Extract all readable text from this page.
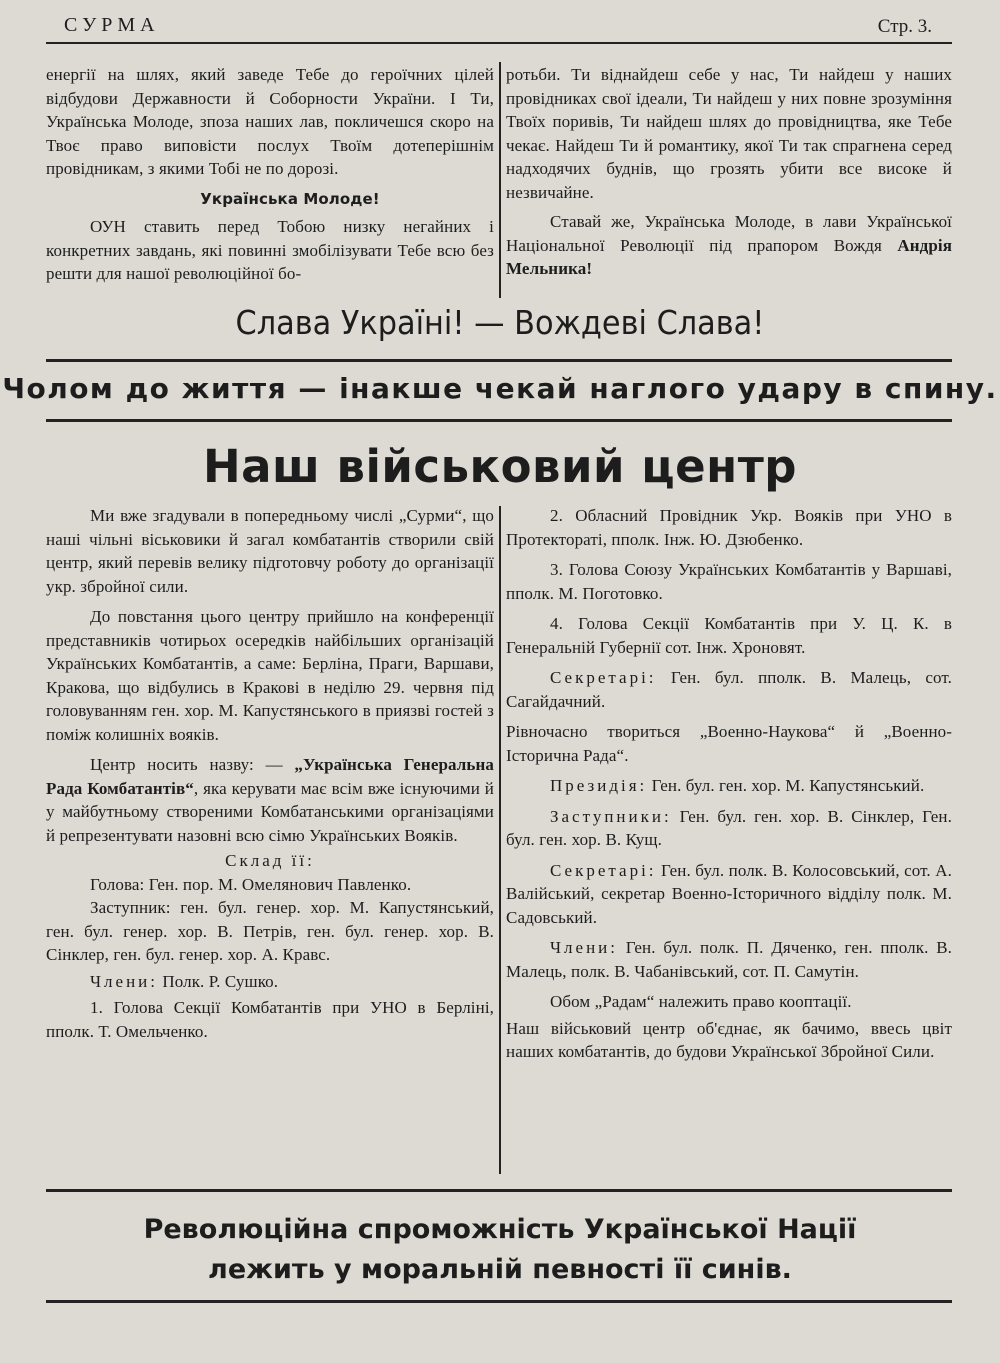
СУРМА	Стр. 3.

енергії на шлях, який заведе Тебе до героїчних цілей відбудови Державности й Соборности України. І Ти, Українська Молоде, зпоза наших лав, покличешся скоро на Твоє право виповісти послух Твоїм дотеперішнім провідникам, з якими Тобі не по дорозі.

Українська Молоде!

ОУН ставить перед Тобою низку негайних і конкретних завдань, які повинні змобілізувати Тебе всю без решти для нашої революційної бо-

ротьби. Ти віднайдеш себе у нас, Ти найдеш у наших провідниках свої ідеали, Ти найдеш у них повне зрозуміння Твоїх поривів, Ти найдеш шлях до провідництва, яке Тебе чекає. Найдеш Ти й романтику, якої Ти так спрагнена серед надходячих буднів, що грозять убити все високе й незвичайне.

Ставай же, Українська Молоде, в лави Української Національної Революції під прапором Вождя Андрія Мельника!

Слава Україні! — Вождеві Слава!
Чолом до життя — інакше чекай наглого удару в спину.
Наш військовий центр

Ми вже згадували в попередньому числі „Сурми“, що наші чільні віськовики й загал комбатантів створили свій центр, який перевів велику підготовчу роботу до організації укр. збройної сили.

До повстання цього центру прийшло на конференції представників чотирьох осередків найбільших організацій Українських Комбатантів, а саме: Берліна, Праги, Варшави, Кракова, що відбулись в Кракові в неділю 29. червня під головуванням ген. хор. М. Капустянського в приязві гостей з поміж колишніх вояків.

Центр носить назву: — „Українська Генеральна Рада Комбатантів“, яка керувати має всім вже існуючими й у майбутньому створеними Комбатанськими організаціями й репрезентувати назовні всю сімю Українських Вояків.

Склад її:

Голова: Ген. пор. М. Омелянович Павленко.

Заступник: ген. бул. генер. хор. М. Капустянський, ген. бул. генер. хор. В. Петрів, ген. бул. генер. хор. В. Сінклер, ген. бул. генер. хор. А. Кравс.

Члени: Полк. Р. Сушко.

1. Голова Секції Комбатантів при УНО в Берліні, пполк. Т. Омельченко.

2. Обласний Провідник Укр. Вояків при УНО в Протектораті, пполк. Інж. Ю. Дзюбенко.

3. Голова Союзу Українських Комбатантів у Варшаві, пполк. М. Поготовко.

4. Голова Секції Комбатантів при У. Ц. К. в Генеральній Губернії сот. Інж. Хроновят.

Секретарі: Ген. бул. пполк. В. Малець, сот. Сагайдачний.

Рівночасно твориться „Военно-Наукова“ й „Военно-Історична Рада“.

Президія: Ген. бул. ген. хор. М. Капустянський.

Заступники: Ген. бул. ген. хор. В. Сінклер, Ген. бул. ген. хор. В. Кущ.

Секретарі: Ген. бул. полк. В. Колосовський, сот. А. Валійський, секретар Военно-Історичного відділу полк. М. Садовський.

Члени: Ген. бул. полк. П. Дяченко, ген. пполк. В. Малець, полк. В. Чабанівський, сот. П. Самутін.

Обом „Радам“ належить право коoптації.

Наш військовий центр об'єднає, як бачимо, ввесь цвіт наших комбатантів, до будови Української Збройної Сили.

Революційна спроможність Української Нації
лежить у моральній певності її синів.
